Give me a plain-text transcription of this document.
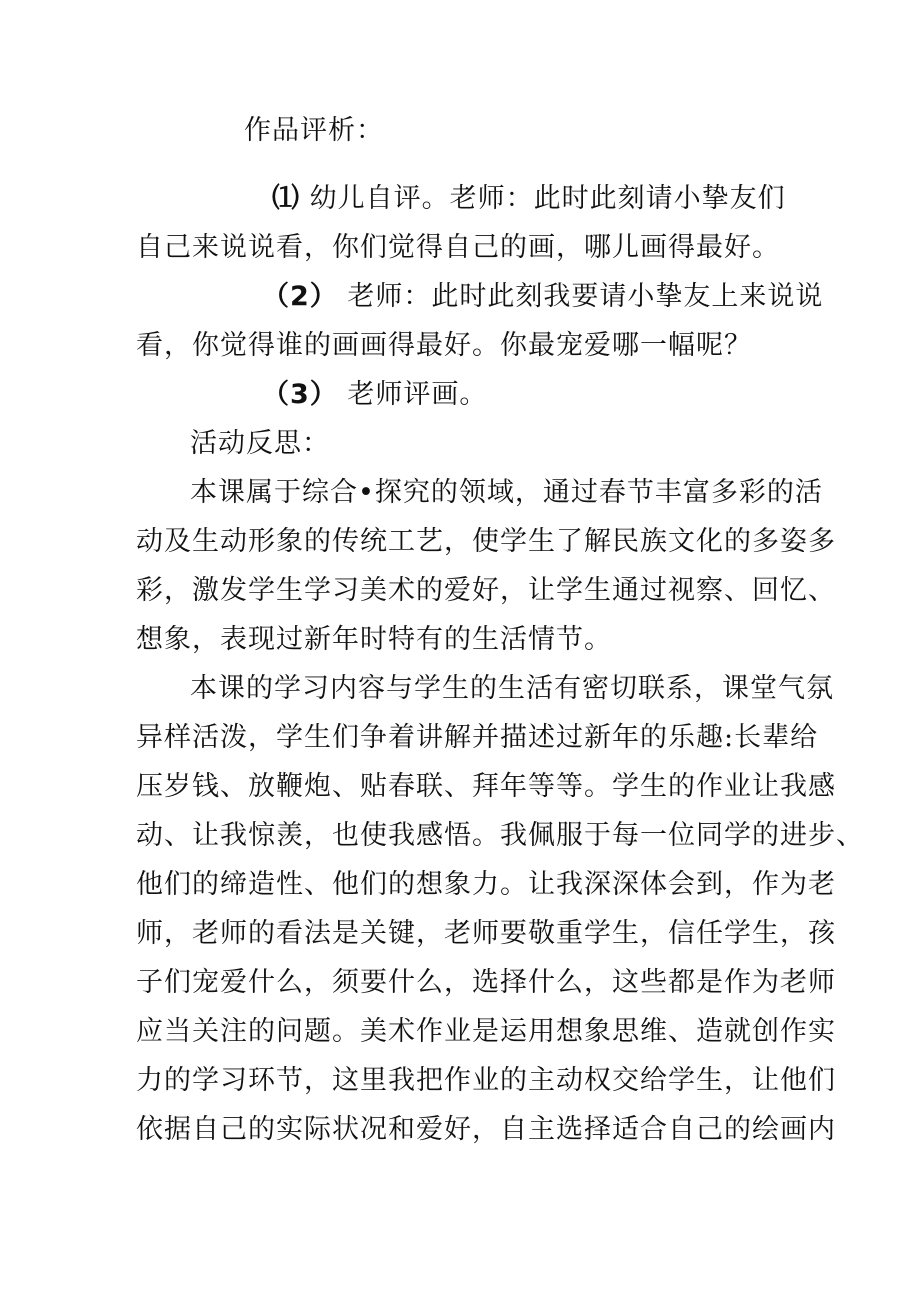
作品评析：
⑴ 幼儿自评。老师：此时此刻请小挚友们
自己来说说看，你们觉得自己的画，哪儿画得最好。
（2） 老师：此时此刻我要请小挚友上来说说
看，你觉得谁的画画得最好。你最宠爱哪一幅呢？
（3） 老师评画。
活动反思：
本课属于综合•探究的领域，通过春节丰富多彩的活
动及生动形象的传统工艺，使学生了解民族文化的多姿多
彩，激发学生学习美术的爱好，让学生通过视察、回忆、
想象，表现过新年时特有的生活情节。
本课的学习内容与学生的生活有密切联系，课堂气氛
异样活泼，学生们争着讲解并描述过新年的乐趣:长辈给
压岁钱、放鞭炮、贴春联、拜年等等。学生的作业让我感
动、让我惊羡，也使我感悟。我佩服于每一位同学的进步、
他们的缔造性、他们的想象力。让我深深体会到，作为老
师，老师的看法是关键，老师要敬重学生，信任学生，孩
子们宠爱什么，须要什么，选择什么，这些都是作为老师
应当关注的问题。美术作业是运用想象思维、造就创作实
力的学习环节，这里我把作业的主动权交给学生，让他们
依据自己的实际状况和爱好，自主选择适合自己的绘画内
